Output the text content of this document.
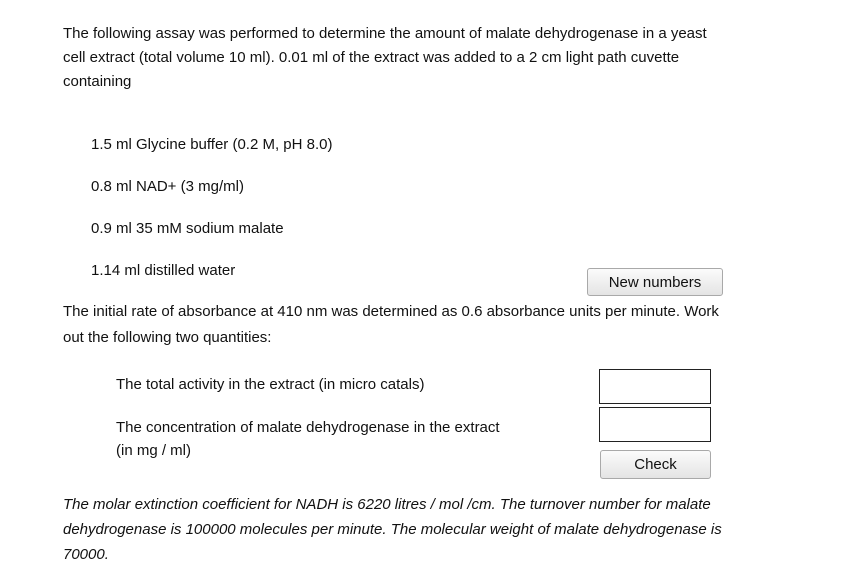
The following assay was performed to determine the amount of malate dehydrogenase in a yeast
cell extract (total volume 10 ml). 0.01 ml of the extract was added to a 2 cm light path cuvette
containing
1.5 ml Glycine buffer (0.2 M, pH 8.0)
0.8 ml NAD+ (3 mg/ml)
0.9 ml 35 mM sodium malate
1.14 ml distilled water
New numbers
The initial rate of absorbance at 410 nm was determined as 0.6 absorbance units per minute. Work
out the following two quantities:
The total activity in the extract (in micro catals)
The concentration of malate dehydrogenase in the extract
(in mg / ml)
Check
The molar extinction coefficient for NADH is 6220 litres / mol /cm. The turnover number for malate
dehydrogenase is 100000 molecules per minute. The molecular weight of malate dehydrogenase is
70000.
